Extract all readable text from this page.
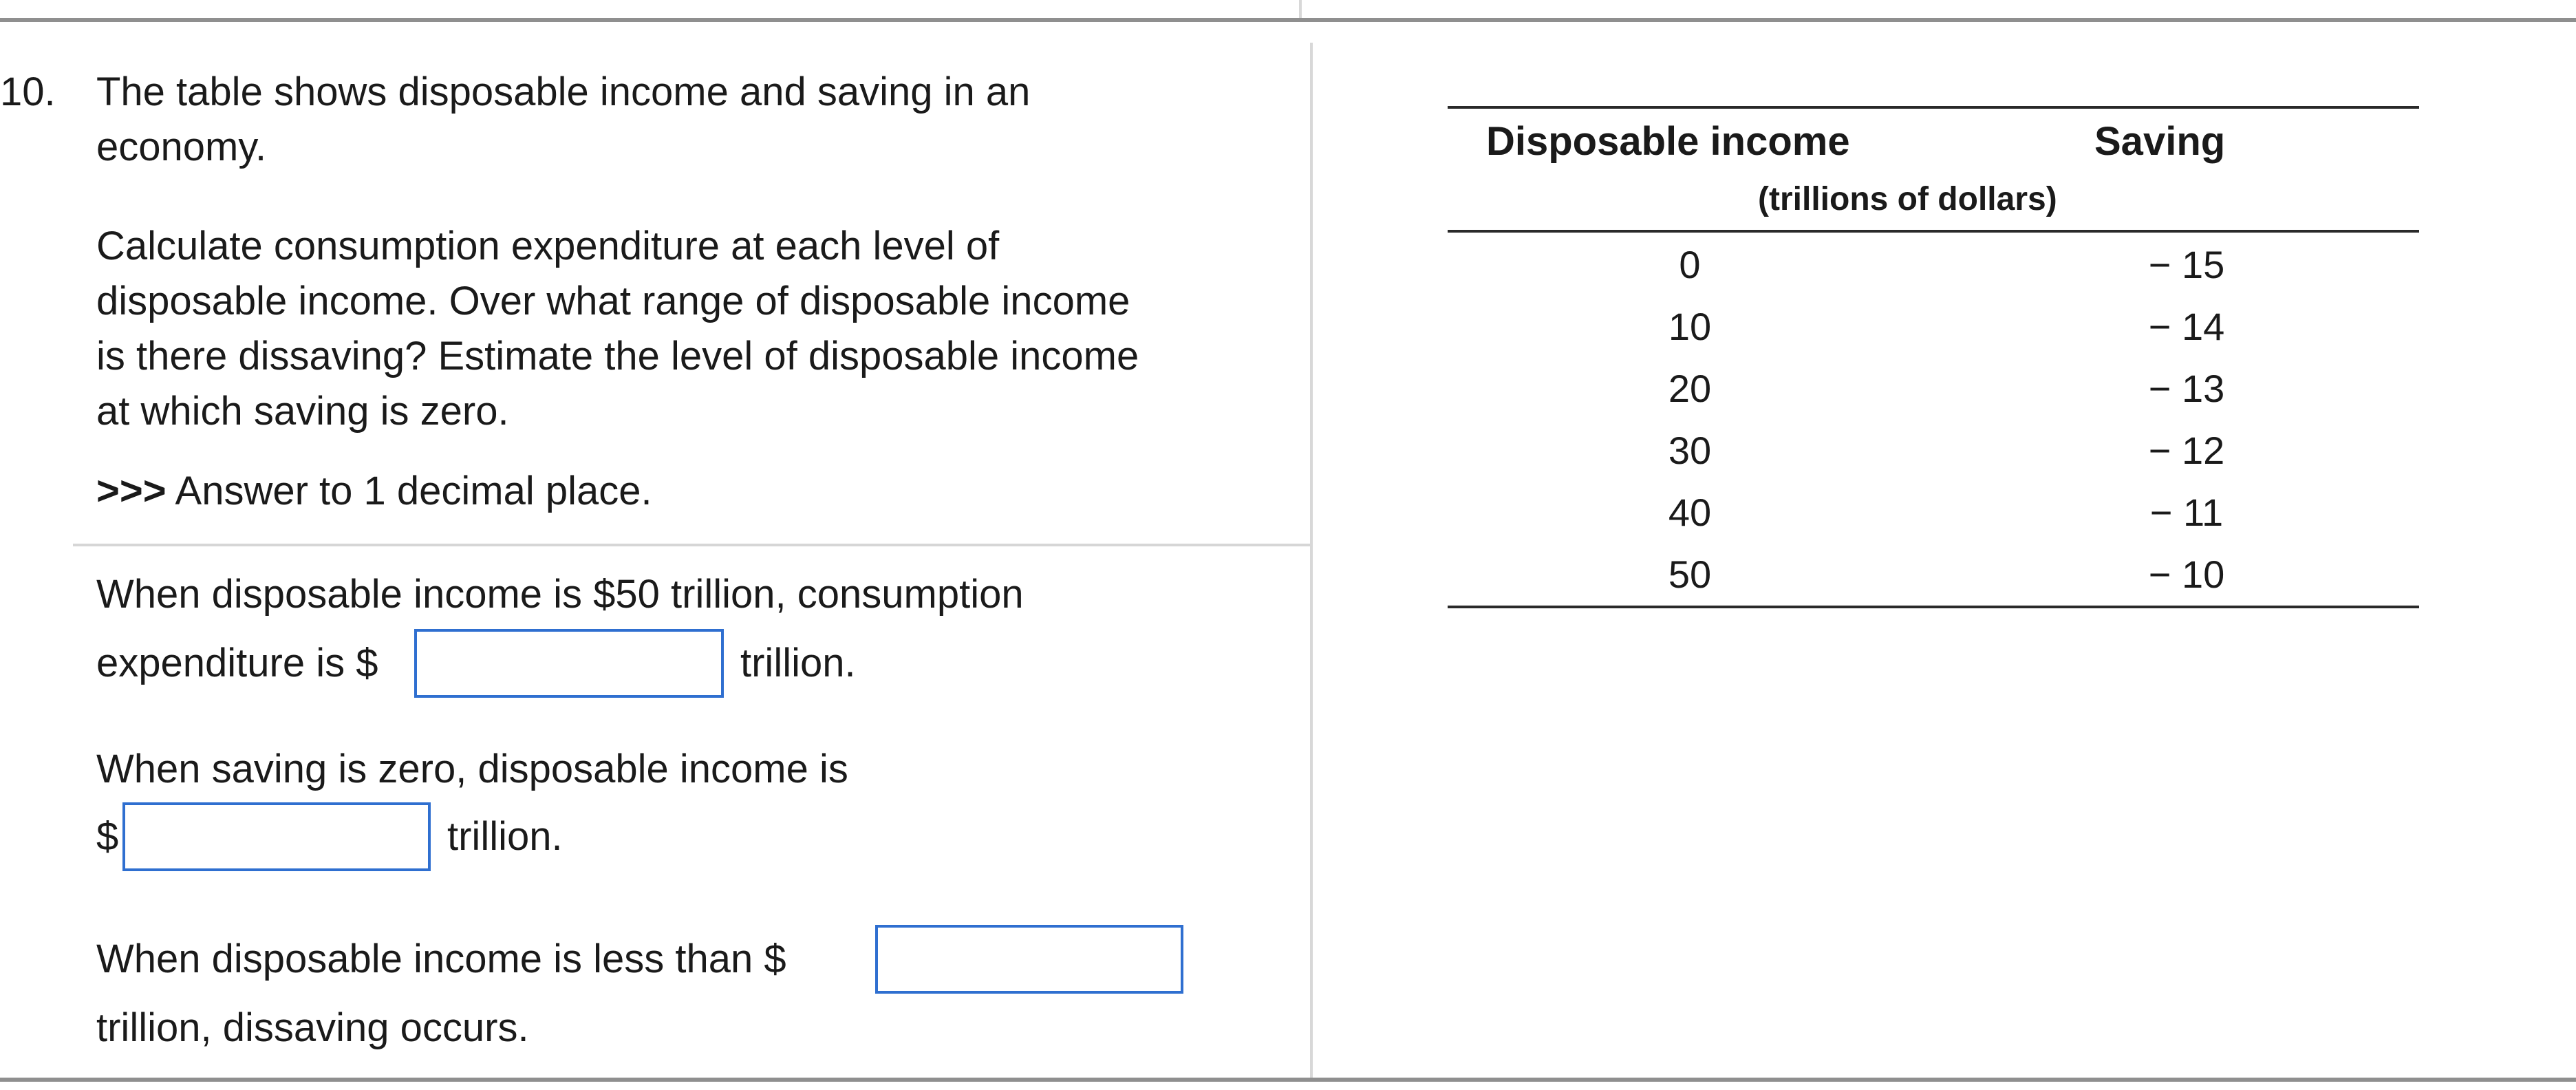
10. The table shows disposable income and saving in an
economy.
Calculate consumption expenditure at each level of
disposable income. Over what range of disposable income
is there dissaving? Estimate the level of disposable income
at which saving is zero.
>>> Answer to 1 decimal place.
When disposable income is $50 trillion, consumption
expenditure is $	trillion.
When saving is zero, disposable income is
$	trillion.
When disposable income is less than $
trillion, dissaving occurs.
Disposable income	Saving
(trillions of dollars)
0	− 15
10	− 14
20	− 13
30	− 12
40	− 11
50	− 10
